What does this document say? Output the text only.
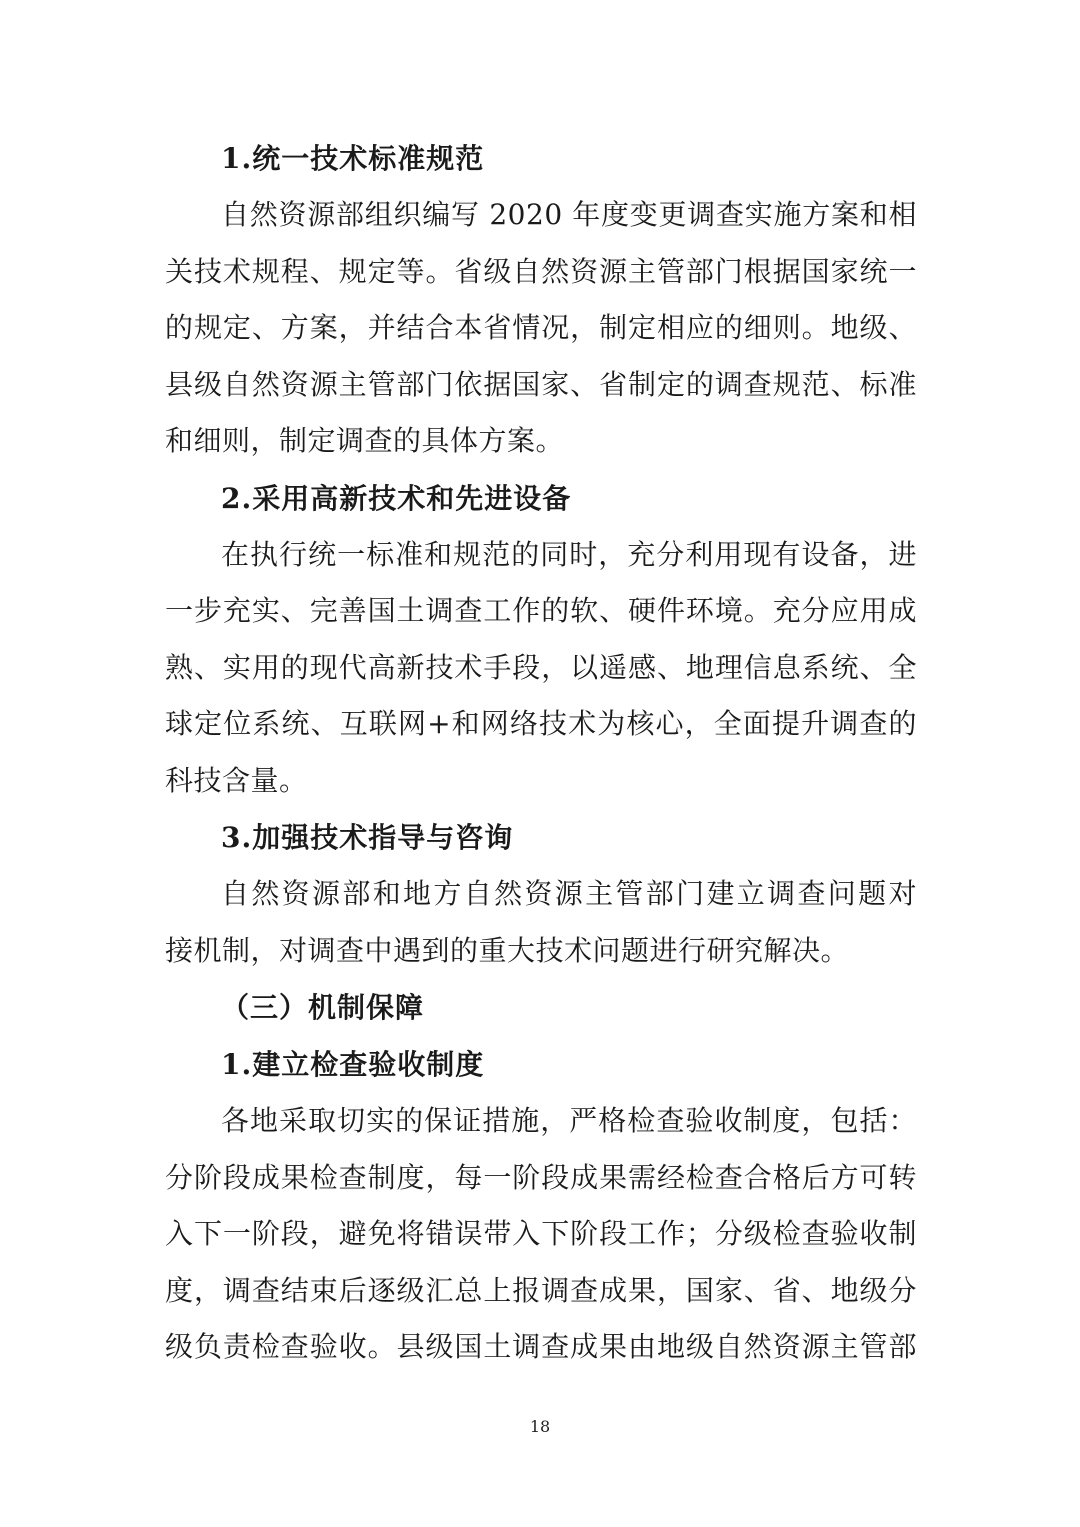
1.统一技术标准规范
自然资源部组织编写 2020 年度变更调查实施方案和相
关技术规程、规定等。省级自然资源主管部门根据国家统一
的规定、方案，并结合本省情况，制定相应的细则。地级、
县级自然资源主管部门依据国家、省制定的调查规范、标准
和细则，制定调查的具体方案。
2.采用高新技术和先进设备
在执行统一标准和规范的同时，充分利用现有设备，进
一步充实、完善国土调查工作的软、硬件环境。充分应用成
熟、实用的现代高新技术手段，以遥感、地理信息系统、全
球定位系统、互联网+和网络技术为核心，全面提升调查的
科技含量。
3.加强技术指导与咨询
自然资源部和地方自然资源主管部门建立调查问题对
接机制，对调查中遇到的重大技术问题进行研究解决。
（三）机制保障
1.建立检查验收制度
各地采取切实的保证措施，严格检查验收制度，包括：
分阶段成果检查制度，每一阶段成果需经检查合格后方可转
入下一阶段，避免将错误带入下阶段工作；分级检查验收制
度，调查结束后逐级汇总上报调查成果，国家、省、地级分
级负责检查验收。县级国土调查成果由地级自然资源主管部
18
